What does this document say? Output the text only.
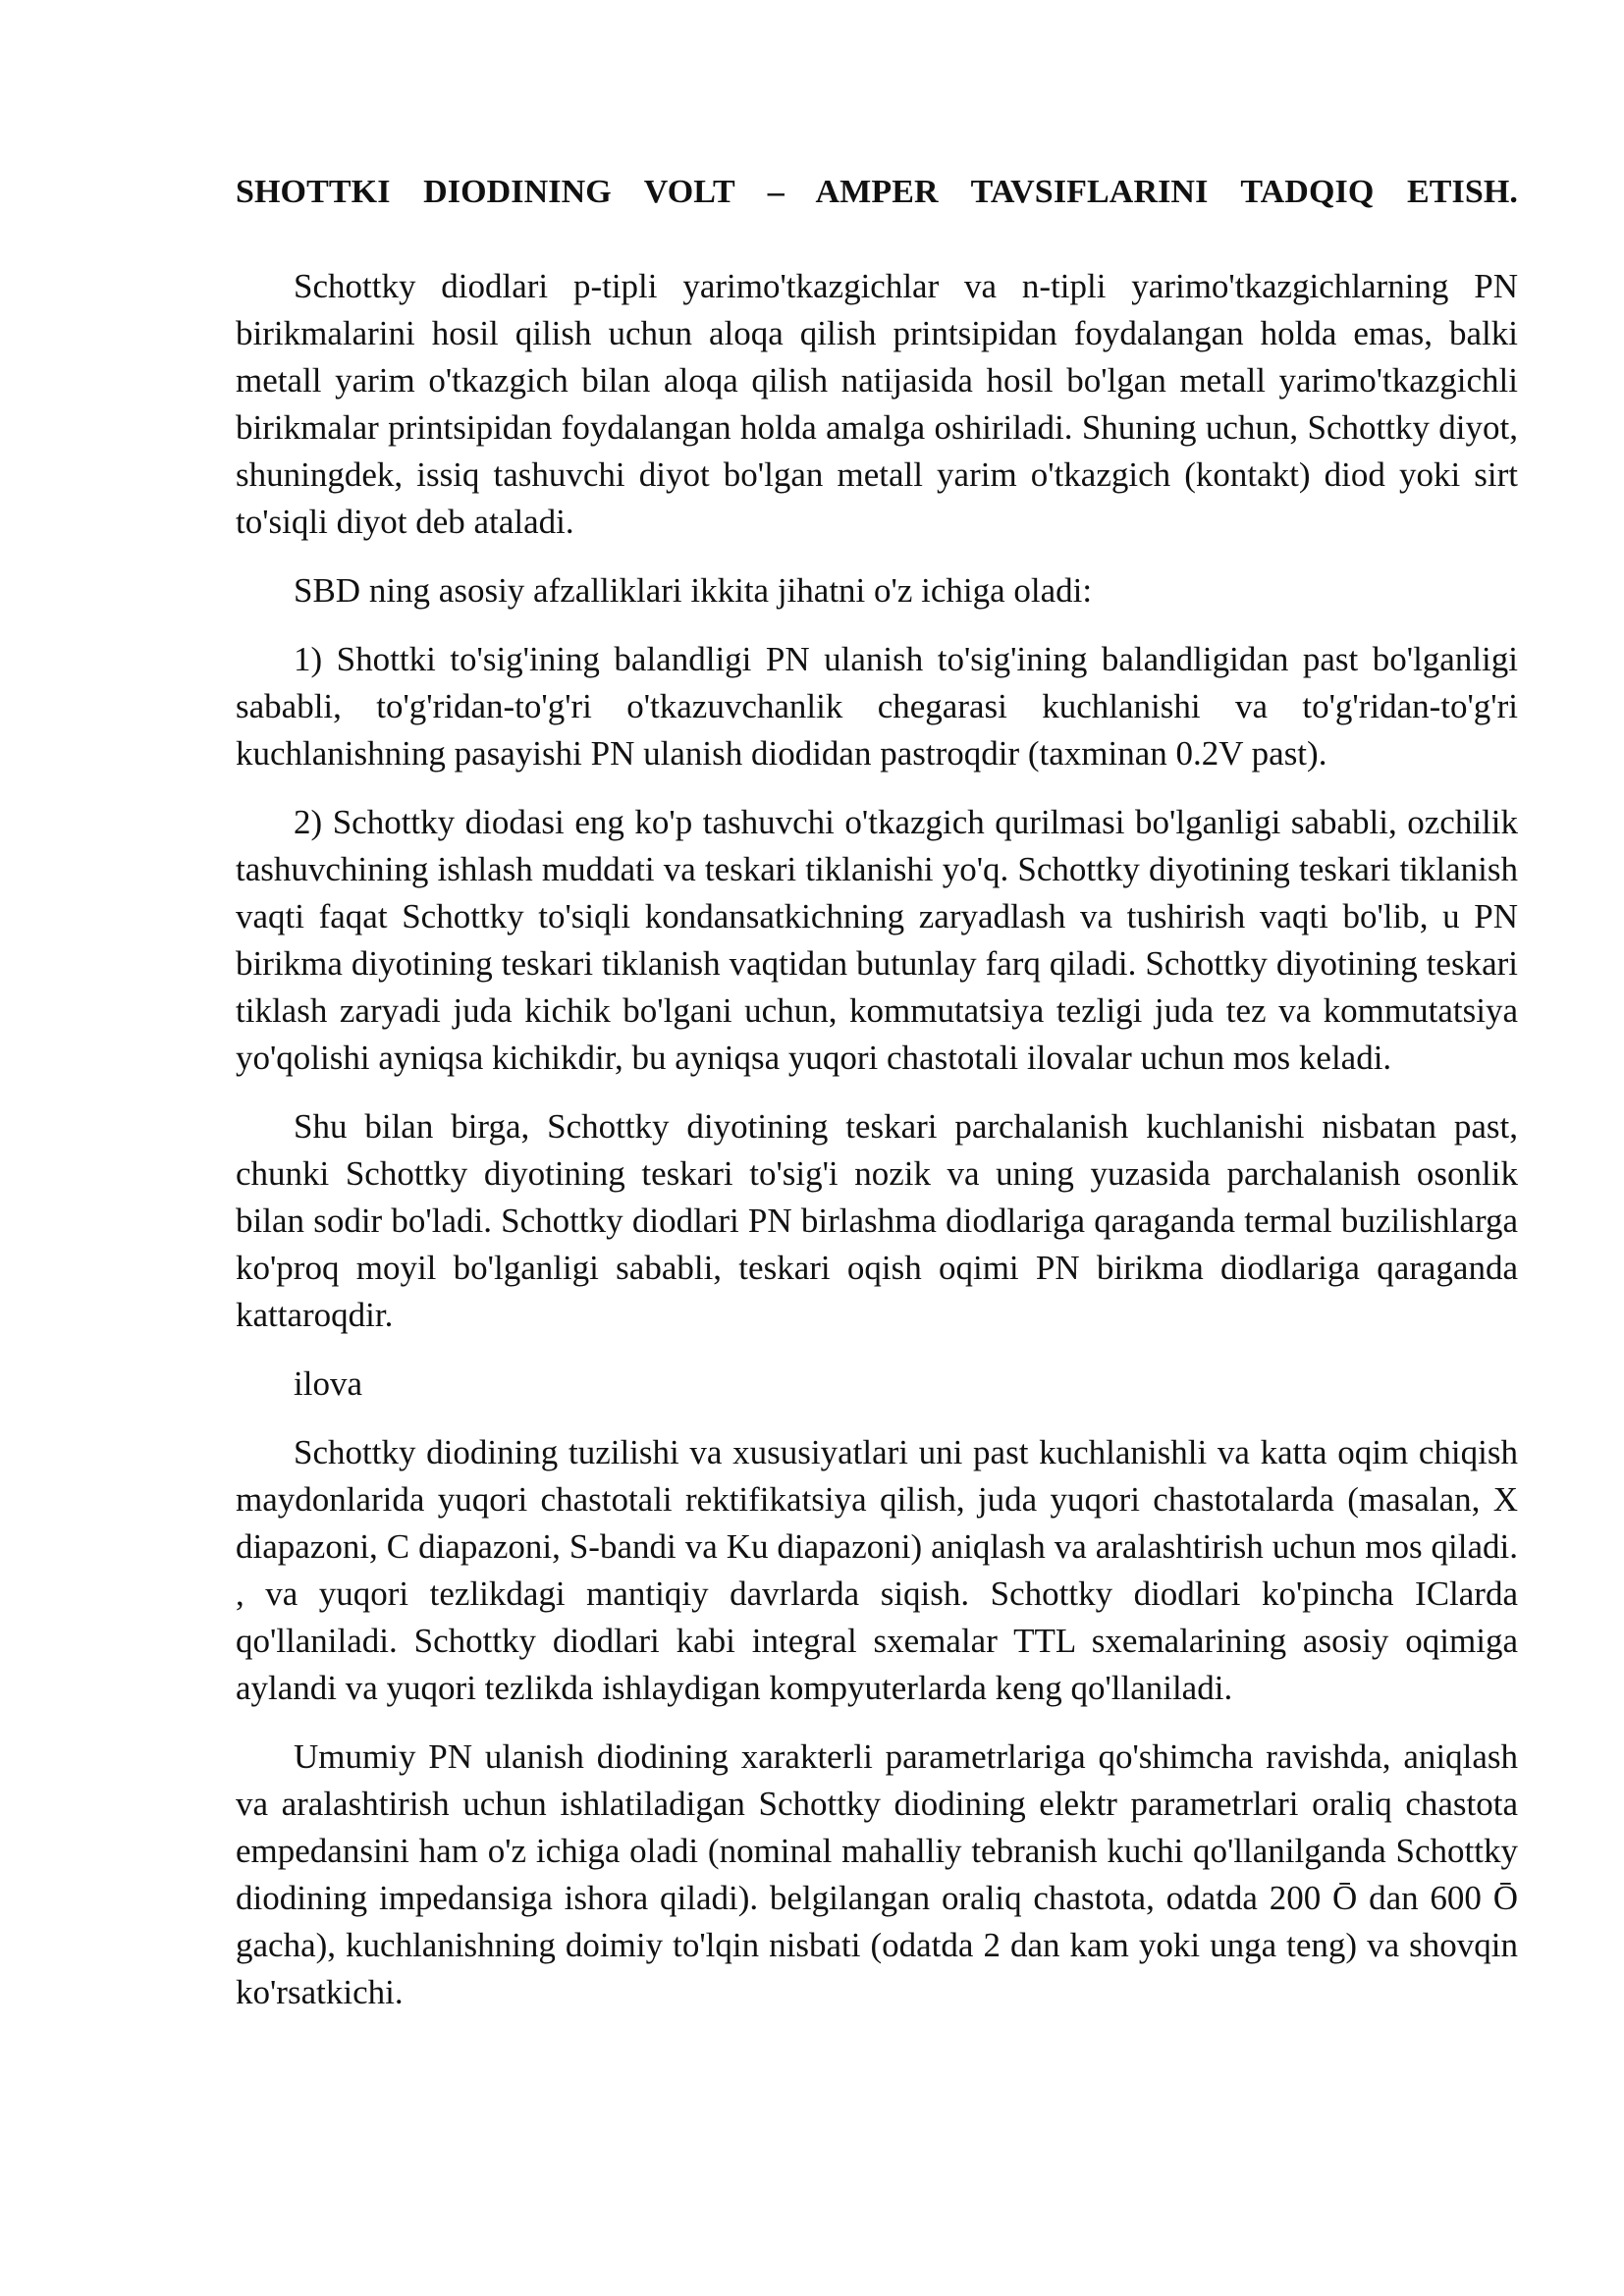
SHOTTKI DIODINING VOLT – AMPER TAVSIFLARINI TADQIQ ETISH.

Schottky diodlari p-tipli yarimo'tkazgichlar va n-tipli yarimo'tkazgichlarning PN birikmalarini hosil qilish uchun aloqa qilish printsipidan foydalangan holda emas, balki metall yarim o'tkazgich bilan aloqa qilish natijasida hosil bo'lgan metall yarimo'tkazgichli birikmalar printsipidan foydalangan holda amalga oshiriladi. Shuning uchun, Schottky diyot, shuningdek, issiq tashuvchi diyot bo'lgan metall yarim o'tkazgich (kontakt) diod yoki sirt to'siqli diyot deb ataladi.

SBD ning asosiy afzalliklari ikkita jihatni o'z ichiga oladi:

1) Shottki to'sig'ining balandligi PN ulanish to'sig'ining balandligidan past bo'lganligi sababli, to'g'ridan-to'g'ri o'tkazuvchanlik chegarasi kuchlanishi va to'g'ridan-to'g'ri kuchlanishning pasayishi PN ulanish diodidan pastroqdir (taxminan 0.2V past).

2) Schottky diodasi eng ko'p tashuvchi o'tkazgich qurilmasi bo'lganligi sababli, ozchilik tashuvchining ishlash muddati va teskari tiklanishi yo'q. Schottky diyotining teskari tiklanish vaqti faqat Schottky to'siqli kondansatkichning zaryadlash va tushirish vaqti bo'lib, u PN birikma diyotining teskari tiklanish vaqtidan butunlay farq qiladi. Schottky diyotining teskari tiklash zaryadi juda kichik bo'lgani uchun, kommutatsiya tezligi juda tez va kommutatsiya yo'qolishi ayniqsa kichikdir, bu ayniqsa yuqori chastotali ilovalar uchun mos keladi.

Shu bilan birga, Schottky diyotining teskari parchalanish kuchlanishi nisbatan past, chunki Schottky diyotining teskari to'sig'i nozik va uning yuzasida parchalanish osonlik bilan sodir bo'ladi. Schottky diodlari PN birlashma diodlariga qaraganda termal buzilishlarga ko'proq moyil bo'lganligi sababli, teskari oqish oqimi PN birikma diodlariga qaraganda kattaroqdir.

ilova

Schottky diodining tuzilishi va xususiyatlari uni past kuchlanishli va katta oqim chiqish maydonlarida yuqori chastotali rektifikatsiya qilish, juda yuqori chastotalarda (masalan, X diapazoni, C diapazoni, S-bandi va Ku diapazoni) aniqlash va aralashtirish uchun mos qiladi. , va yuqori tezlikdagi mantiqiy davrlarda siqish. Schottky diodlari ko'pincha IClarda qo'llaniladi. Schottky diodlari kabi integral sxemalar TTL sxemalarining asosiy oqimiga aylandi va yuqori tezlikda ishlaydigan kompyuterlarda keng qo'llaniladi.

Umumiy PN ulanish diodining xarakterli parametrlariga qo'shimcha ravishda, aniqlash va aralashtirish uchun ishlatiladigan Schottky diodining elektr parametrlari oraliq chastota empedansini ham o'z ichiga oladi (nominal mahalliy tebranish kuchi qo'llanilganda Schottky diodining impedansiga ishora qiladi). belgilangan oraliq chastota, odatda 200 Ō dan 600 Ō gacha), kuchlanishning doimiy to'lqin nisbati (odatda 2 dan kam yoki unga teng) va shovqin ko'rsatkichi.
